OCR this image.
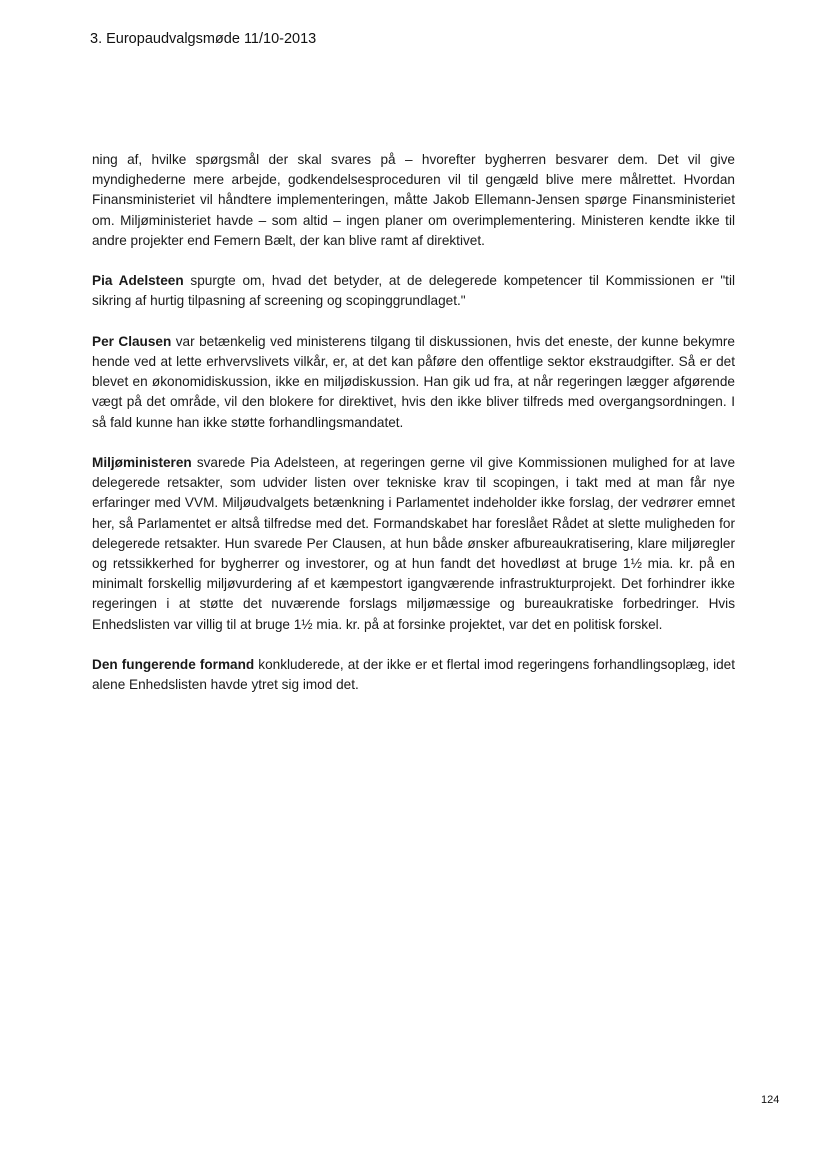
3. Europaudvalgsmøde 11/10-2013

ning af, hvilke spørgsmål der skal svares på – hvorefter bygherren besvarer dem. Det vil give myndighederne mere arbejde, godkendelsesproceduren vil til gengæld blive mere målrettet. Hvordan Finansministeriet vil håndtere implementeringen, måtte Jakob Ellemann-Jensen spørge Finansministeriet om. Miljøministeriet havde – som altid – ingen planer om overimplementering. Ministeren kendte ikke til andre projekter end Femern Bælt, der kan blive ramt af direktivet.

Pia Adelsteen spurgte om, hvad det betyder, at de delegerede kompetencer til Kommissionen er "til sikring af hurtig tilpasning af screening og scopinggrundlaget."

Per Clausen var betænkelig ved ministerens tilgang til diskussionen, hvis det eneste, der kunne bekymre hende ved at lette erhvervslivets vilkår, er, at det kan påføre den offentlige sektor ekstraudgifter. Så er det blevet en økonomidiskussion, ikke en miljødiskussion. Han gik ud fra, at når regeringen lægger afgørende vægt på det område, vil den blokere for direktivet, hvis den ikke bliver tilfreds med overgangsordningen. I så fald kunne han ikke støtte forhandlingsmandatet.

Miljøministeren svarede Pia Adelsteen, at regeringen gerne vil give Kommissionen mulighed for at lave delegerede retsakter, som udvider listen over tekniske krav til scopingen, i takt med at man får nye erfaringer med VVM. Miljøudvalgets betænkning i Parlamentet indeholder ikke forslag, der vedrører emnet her, så Parlamentet er altså tilfredse med det. Formandskabet har foreslået Rådet at slette muligheden for delegerede retsakter. Hun svarede Per Clausen, at hun både ønsker afbureaukratisering, klare miljøregler og retssikkerhed for bygherrer og investorer, og at hun fandt det hovedløst at bruge 1½ mia. kr. på en minimalt forskellig miljøvurdering af et kæmpestort igangværende infrastrukturprojekt. Det forhindrer ikke regeringen i at støtte det nuværende forslags miljømæssige og bureaukratiske forbedringer. Hvis Enhedslisten var villig til at bruge 1½ mia. kr. på at forsinke projektet, var det en politisk forskel.

Den fungerende formand konkluderede, at der ikke er et flertal imod regeringens forhandlingsoplæg, idet alene Enhedslisten havde ytret sig imod det.

124
